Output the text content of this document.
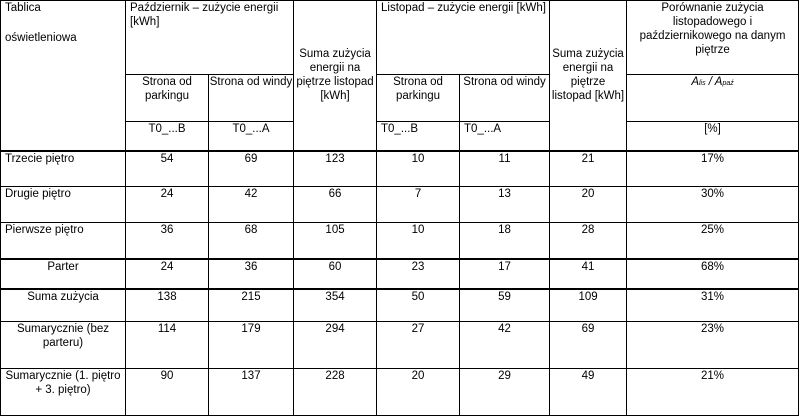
Tablica
oświetleniowa	Październik – zużycie energii [kWh]		Suma zużycia energii na piętrze listopad [kWh]	Listopad – zużycie energii [kWh]		Suma zużycia energii na piętrze listopad [kWh]	Porównanie zużycia listopadowego i październikowego na danym piętrze
	Strona od parkingu	Strona od windy		Strona od parkingu	Strona od windy		Alis / Apaź
	T0_...B	T0_...A		T0_...B	T0_...A		[%]
Trzecie piętro	54	69	123	10	11	21	17%
Drugie piętro	24	42	66	7	13	20	30%
Pierwsze piętro	36	68	105	10	18	28	25%
Parter	24	36	60	23	17	41	68%
Suma zużycia	138	215	354	50	59	109	31%
Sumarycznie (bez parteru)	114	179	294	27	42	69	23%
Sumarycznie (1. piętro + 3. piętro)	90	137	228	20	29	49	21%
